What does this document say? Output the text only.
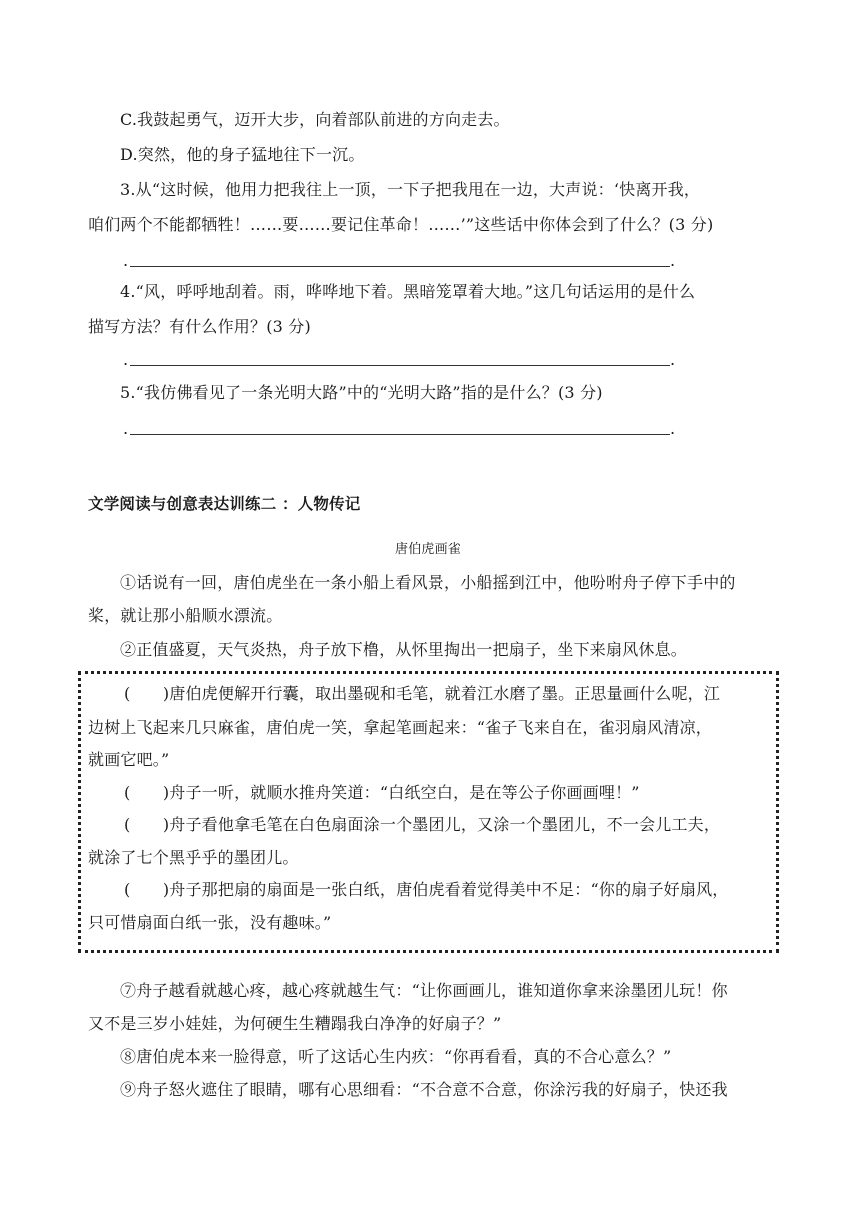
C.我鼓起勇气，迈开大步，向着部队前进的方向走去。
D.突然，他的身子猛地往下一沉。
3.从“这时候，他用力把我往上一顶，一下子把我甩在一边，大声说：‘快离开我，
咱们两个不能都牺牲！……要……要记住革命！……’”这些话中你体会到了什么？(3 分)
.	.
4.“风，呼呼地刮着。雨，哗哗地下着。黑暗笼罩着大地。”这几句话运用的是什么
描写方法？有什么作用？(3 分)
.	.
5.“我仿佛看见了一条光明大路”中的“光明大路”指的是什么？(3 分)
.	.
文学阅读与创意表达训练二 ：人物传记
唐伯虎画雀
①话说有一回，唐伯虎坐在一条小船上看风景，小船摇到江中，他吩咐舟子停下手中的
桨，就让那小船顺水漂流。
②正值盛夏，天气炎热，舟子放下橹，从怀里掏出一把扇子，坐下来扇风休息。
(　　)唐伯虎便解开行囊，取出墨砚和毛笔，就着江水磨了墨。正思量画什么呢，江
边树上飞起来几只麻雀，唐伯虎一笑，拿起笔画起来：“雀子飞来自在，雀羽扇风清凉，
就画它吧。”
(　　)舟子一听，就顺水推舟笑道：“白纸空白，是在等公子你画画哩！”
(　　)舟子看他拿毛笔在白色扇面涂一个墨团儿，又涂一个墨团儿，不一会儿工夫，
就涂了七个黑乎乎的墨团儿。
(　　)舟子那把扇的扇面是一张白纸，唐伯虎看着觉得美中不足：“你的扇子好扇风，
只可惜扇面白纸一张，没有趣味。”
⑦舟子越看就越心疼，越心疼就越生气：“让你画画儿，谁知道你拿来涂墨团儿玩！你
又不是三岁小娃娃，为何硬生生糟蹋我白净净的好扇子？”
⑧唐伯虎本来一脸得意，听了这话心生内疚：“你再看看，真的不合心意么？”
⑨舟子怒火遮住了眼睛，哪有心思细看：“不合意不合意，你涂污我的好扇子，快还我
